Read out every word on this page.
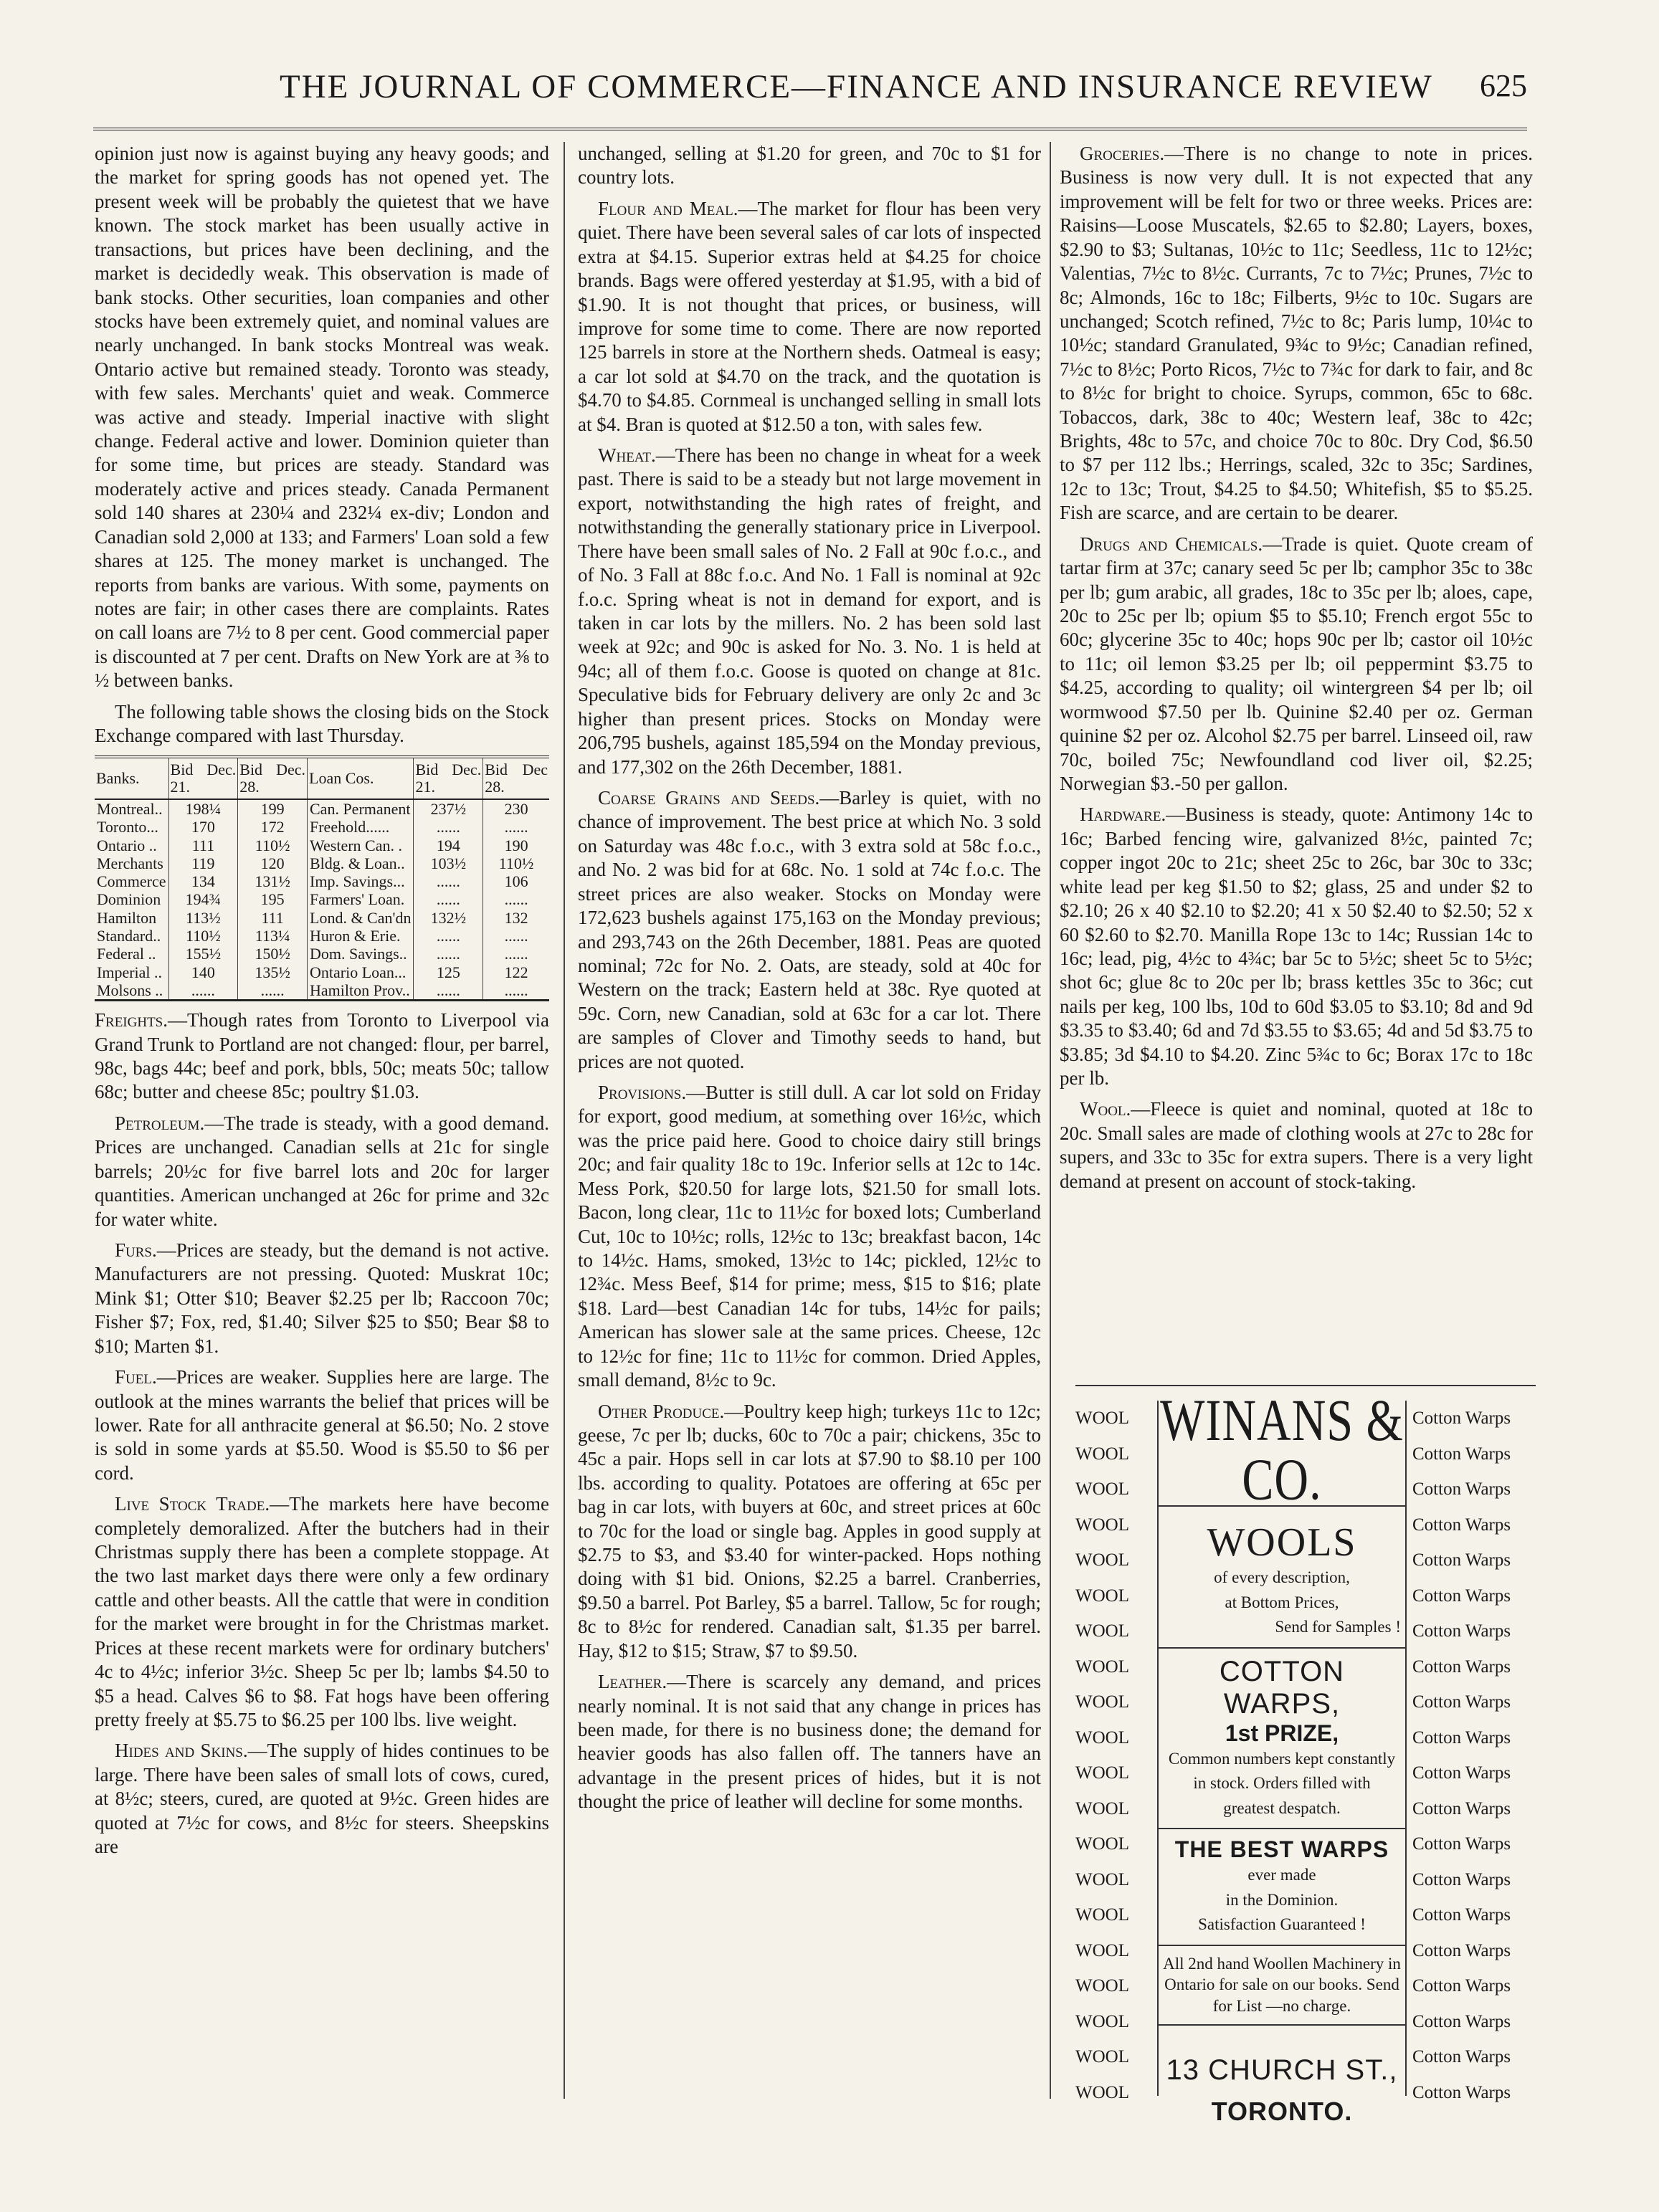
THE JOURNAL OF COMMERCE—FINANCE AND INSURANCE REVIEW 625

opinion just now is against buying any heavy goods; and the market for spring goods has not opened yet. The present week will be probably the quietest that we have known. The stock market has been usually active in transactions, but prices have been declining, and the market is decidedly weak. This observation is made of bank stocks. Other securities, loan companies and other stocks have been extremely quiet, and nominal values are nearly unchanged. In bank stocks Montreal was weak. Ontario active but remained steady. Toronto was steady, with few sales. Merchants' quiet and weak. Commerce was active and steady. Imperial inactive with slight change. Federal active and lower. Dominion quieter than for some time, but prices are steady. Standard was moderately active and prices steady. Canada Permanent sold 140 shares at 230¼ and 232¼ ex-div; London and Canadian sold 2,000 at 133; and Farmers' Loan sold a few shares at 125. The money market is unchanged. The reports from banks are various. With some, payments on notes are fair; in other cases there are complaints. Rates on call loans are 7½ to 8 per cent. Good commercial paper is discounted at 7 per cent. Drafts on New York are at ⅜ to ½ between banks.

The following table shows the closing bids on the Stock Exchange compared with last Thursday.

Banks.	Bid Dec. 21.	Bid Dec. 28.	Loan Cos.	Bid Dec. 21.	Bid Dec 28.
Montreal..	198¼	199	Can. Permanent	237½	230
Toronto...	170	172	Freehold......	......	......
Ontario ..	111	110½	Western Can. .	194	190
Merchants	119	120	Bldg. & Loan..	103½	110½
Commerce	134	131½	Imp. Savings...	......	106
Dominion	194¾	195	Farmers' Loan.	......	......
Hamilton	113½	111	Lond. & Can'dn	132½	132
Standard..	110½	113¼	Huron & Erie.	......	......
Federal ..	155½	150½	Dom. Savings..	......	......
Imperial ..	140	135½	Ontario Loan...	125	122
Molsons ..	......	......	Hamilton Prov..	......	......

Freights.—Though rates from Toronto to Liverpool via Grand Trunk to Portland are not changed: flour, per barrel, 98c, bags 44c; beef and pork, bbls, 50c; meats 50c; tallow 68c; butter and cheese 85c; poultry $1.03.

Petroleum.—The trade is steady, with a good demand. Prices are unchanged. Canadian sells at 21c for single barrels; 20½c for five barrel lots and 20c for larger quantities. American unchanged at 26c for prime and 32c for water white.

Furs.—Prices are steady, but the demand is not active. Manufacturers are not pressing. Quoted: Muskrat 10c; Mink $1; Otter $10; Beaver $2.25 per lb; Raccoon 70c; Fisher $7; Fox, red, $1.40; Silver $25 to $50; Bear $8 to $10; Marten $1.

Fuel.—Prices are weaker. Supplies here are large. The outlook at the mines warrants the belief that prices will be lower. Rate for all anthracite general at $6.50; No. 2 stove is sold in some yards at $5.50. Wood is $5.50 to $6 per cord.

Live Stock Trade.—The markets here have become completely demoralized. After the butchers had in their Christmas supply there has been a complete stoppage. At the two last market days there were only a few ordinary cattle and other beasts. All the cattle that were in condition for the market were brought in for the Christmas market. Prices at these recent markets were for ordinary butchers' 4c to 4½c; inferior 3½c. Sheep 5c per lb; lambs $4.50 to $5 a head. Calves $6 to $8. Fat hogs have been offering pretty freely at $5.75 to $6.25 per 100 lbs. live weight.

Hides and Skins.—The supply of hides continues to be large. There have been sales of small lots of cows, cured, at 8½c; steers, cured, are quoted at 9½c. Green hides are quoted at 7½c for cows, and 8½c for steers. Sheepskins are

unchanged, selling at $1.20 for green, and 70c to $1 for country lots.

Flour and Meal.—The market for flour has been very quiet. There have been several sales of car lots of inspected extra at $4.15. Superior extras held at $4.25 for choice brands. Bags were offered yesterday at $1.95, with a bid of $1.90. It is not thought that prices, or business, will improve for some time to come. There are now reported 125 barrels in store at the Northern sheds. Oatmeal is easy; a car lot sold at $4.70 on the track, and the quotation is $4.70 to $4.85. Cornmeal is unchanged selling in small lots at $4. Bran is quoted at $12.50 a ton, with sales few.

Wheat.—There has been no change in wheat for a week past. There is said to be a steady but not large movement in export, notwithstanding the high rates of freight, and notwithstanding the generally stationary price in Liverpool. There have been small sales of No. 2 Fall at 90c f.o.c., and of No. 3 Fall at 88c f.o.c. And No. 1 Fall is nominal at 92c f.o.c. Spring wheat is not in demand for export, and is taken in car lots by the millers. No. 2 has been sold last week at 92c; and 90c is asked for No. 3. No. 1 is held at 94c; all of them f.o.c. Goose is quoted on change at 81c. Speculative bids for February delivery are only 2c and 3c higher than present prices. Stocks on Monday were 206,795 bushels, against 185,594 on the Monday previous, and 177,302 on the 26th December, 1881.

Coarse Grains and Seeds.—Barley is quiet, with no chance of improvement. The best price at which No. 3 sold on Saturday was 48c f.o.c., with 3 extra sold at 58c f.o.c., and No. 2 was bid for at 68c. No. 1 sold at 74c f.o.c. The street prices are also weaker. Stocks on Monday were 172,623 bushels against 175,163 on the Monday previous; and 293,743 on the 26th December, 1881. Peas are quoted nominal; 72c for No. 2. Oats, are steady, sold at 40c for Western on the track; Eastern held at 38c. Rye quoted at 59c. Corn, new Canadian, sold at 63c for a car lot. There are samples of Clover and Timothy seeds to hand, but prices are not quoted.

Provisions.—Butter is still dull. A car lot sold on Friday for export, good medium, at something over 16½c, which was the price paid here. Good to choice dairy still brings 20c; and fair quality 18c to 19c. Inferior sells at 12c to 14c. Mess Pork, $20.50 for large lots, $21.50 for small lots. Bacon, long clear, 11c to 11½c for boxed lots; Cumberland Cut, 10c to 10½c; rolls, 12½c to 13c; breakfast bacon, 14c to 14½c. Hams, smoked, 13½c to 14c; pickled, 12½c to 12¾c. Mess Beef, $14 for prime; mess, $15 to $16; plate $18. Lard—best Canadian 14c for tubs, 14½c for pails; American has slower sale at the same prices. Cheese, 12c to 12½c for fine; 11c to 11½c for common. Dried Apples, small demand, 8½c to 9c.

Other Produce.—Poultry keep high; turkeys 11c to 12c; geese, 7c per lb; ducks, 60c to 70c a pair; chickens, 35c to 45c a pair. Hops sell in car lots at $7.90 to $8.10 per 100 lbs. according to quality. Potatoes are offering at 65c per bag in car lots, with buyers at 60c, and street prices at 60c to 70c for the load or single bag. Apples in good supply at $2.75 to $3, and $3.40 for winter-packed. Hops nothing doing with $1 bid. Onions, $2.25 a barrel. Cranberries, $9.50 a barrel. Pot Barley, $5 a barrel. Tallow, 5c for rough; 8c to 8½c for rendered. Canadian salt, $1.35 per barrel. Hay, $12 to $15; Straw, $7 to $9.50.

Leather.—There is scarcely any demand, and prices nearly nominal. It is not said that any change in prices has been made, for there is no business done; the demand for heavier goods has also fallen off. The tanners have an advantage in the present prices of hides, but it is not thought the price of leather will decline for some months.

Groceries.—There is no change to note in prices. Business is now very dull. It is not expected that any improvement will be felt for two or three weeks. Prices are: Raisins—Loose Muscatels, $2.65 to $2.80; Layers, boxes, $2.90 to $3; Sultanas, 10½c to 11c; Seedless, 11c to 12½c; Valentias, 7½c to 8½c. Currants, 7c to 7½c; Prunes, 7½c to 8c; Almonds, 16c to 18c; Filberts, 9½c to 10c. Sugars are unchanged; Scotch refined, 7½c to 8c; Paris lump, 10¼c to 10½c; standard Granulated, 9¾c to 9½c; Canadian refined, 7½c to 8½c; Porto Ricos, 7½c to 7¾c for dark to fair, and 8c to 8½c for bright to choice. Syrups, common, 65c to 68c. Tobaccos, dark, 38c to 40c; Western leaf, 38c to 42c; Brights, 48c to 57c, and choice 70c to 80c. Dry Cod, $6.50 to $7 per 112 lbs.; Herrings, scaled, 32c to 35c; Sardines, 12c to 13c; Trout, $4.25 to $4.50; Whitefish, $5 to $5.25. Fish are scarce, and are certain to be dearer.

Drugs and Chemicals.—Trade is quiet. Quote cream of tartar firm at 37c; canary seed 5c per lb; camphor 35c to 38c per lb; gum arabic, all grades, 18c to 35c per lb; aloes, cape, 20c to 25c per lb; opium $5 to $5.10; French ergot 55c to 60c; glycerine 35c to 40c; hops 90c per lb; castor oil 10½c to 11c; oil lemon $3.25 per lb; oil peppermint $3.75 to $4.25, according to quality; oil wintergreen $4 per lb; oil wormwood $7.50 per lb. Quinine $2.40 per oz. German quinine $2 per oz. Alcohol $2.75 per barrel. Linseed oil, raw 70c, boiled 75c; Newfoundland cod liver oil, $2.25; Norwegian $3.-50 per gallon.

Hardware.—Business is steady, quote: Antimony 14c to 16c; Barbed fencing wire, galvanized 8½c, painted 7c; copper ingot 20c to 21c; sheet 25c to 26c, bar 30c to 33c; white lead per keg $1.50 to $2; glass, 25 and under $2 to $2.10; 26 x 40 $2.10 to $2.20; 41 x 50 $2.40 to $2.50; 52 x 60 $2.60 to $2.70. Manilla Rope 13c to 14c; Russian 14c to 16c; lead, pig, 4½c to 4¾c; bar 5c to 5½c; sheet 5c to 5½c; shot 6c; glue 8c to 20c per lb; brass kettles 35c to 36c; cut nails per keg, 100 lbs, 10d to 60d $3.05 to $3.10; 8d and 9d $3.35 to $3.40; 6d and 7d $3.55 to $3.65; 4d and 5d $3.75 to $3.85; 3d $4.10 to $4.20. Zinc 5¾c to 6c; Borax 17c to 18c per lb.

Wool.—Fleece is quiet and nominal, quoted at 18c to 20c. Small sales are made of clothing wools at 27c to 28c for supers, and 33c to 35c for extra supers. There is a very light demand at present on account of stock-taking.

WOOL
WOOL
WOOL
WOOL
WOOL
WOOL
WOOL
WOOL
WOOL
WOOL
WOOL
WOOL
WOOL
WOOL
WOOL
WOOL
WOOL
WOOL
WOOL
WOOL
WINANS & CO.
WOOLS
of every description,
at Bottom Prices,
Send for Samples !
COTTON WARPS,
1st PRIZE,
Common numbers kept constantly in stock. Orders filled with greatest despatch.
THE BEST WARPS
ever made
in the Dominion.
Satisfaction Guaranteed !
All 2nd hand Woollen Machinery in Ontario for sale on our books. Send for List —no charge.
13 CHURCH ST.,
TORONTO.
Cotton Warps
Cotton Warps
Cotton Warps
Cotton Warps
Cotton Warps
Cotton Warps
Cotton Warps
Cotton Warps
Cotton Warps
Cotton Warps
Cotton Warps
Cotton Warps
Cotton Warps
Cotton Warps
Cotton Warps
Cotton Warps
Cotton Warps
Cotton Warps
Cotton Warps
Cotton Warps
